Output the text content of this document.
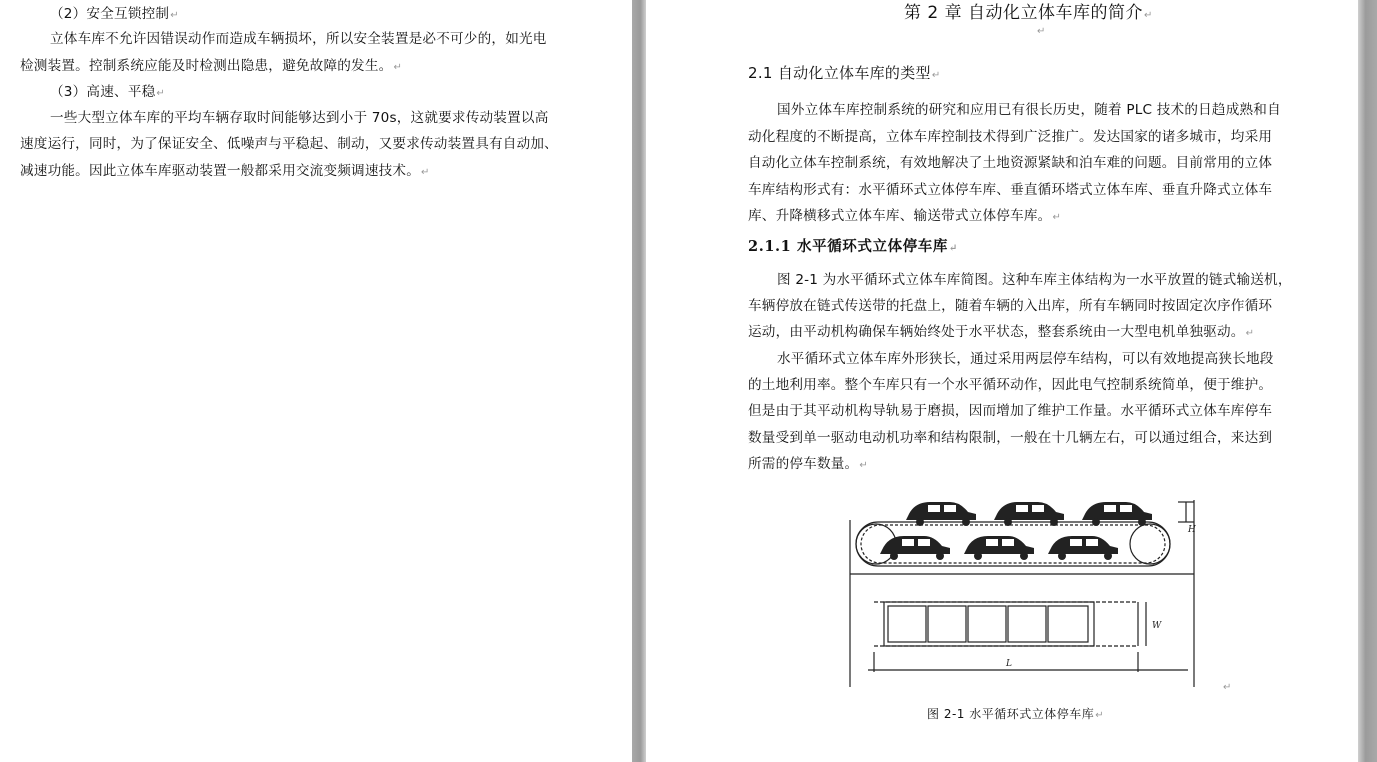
（2）安全互锁控制↵
立体车库不允许因错误动作而造成车辆损坏，所以安全装置是必不可少的，如光电
检测装置。控制系统应能及时检测出隐患，避免故障的发生。↵
（3）高速、平稳↵
一些大型立体车库的平均车辆存取时间能够达到小于 70s，这就要求传动装置以高
速度运行，同时，为了保证安全、低噪声与平稳起、制动，又要求传动装置具有自动加、
减速功能。因此立体车库驱动装置一般都采用交流变频调速技术。↵
第 2 章 自动化立体车库的简介↵
↵
2.1 自动化立体车库的类型↵
国外立体车库控制系统的研究和应用已有很长历史，随着 PLC 技术的日趋成熟和自
动化程度的不断提高，立体车库控制技术得到广泛推广。发达国家的诸多城市，均采用
自动化立体车控制系统，有效地解决了土地资源紧缺和泊车难的问题。目前常用的立体
车库结构形式有：水平循环式立体停车库、垂直循环塔式立体车库、垂直升降式立体车
库、升降横移式立体车库、输送带式立体停车库。↵
2.1.1 水平循环式立体停车库↵
图 2-1 为水平循环式立体车库简图。这种车库主体结构为一水平放置的链式输送机，
车辆停放在链式传送带的托盘上，随着车辆的入出库，所有车辆同时按固定次序作循环
运动，由平动机构确保车辆始终处于水平状态，整套系统由一大型电机单独驱动。↵
水平循环式立体车库外形狭长，通过采用两层停车结构，可以有效地提高狭长地段
的土地利用率。整个车库只有一个水平循环动作，因此电气控制系统简单，便于维护。
但是由于其平动机构导轨易于磨损，因而增加了维护工作量。水平循环式立体车库停车
数量受到单一驱动电动机功率和结构限制，一般在十几辆左右，可以通过组合，来达到
所需的停车数量。↵
H
W
L
↵
图 2-1 水平循环式立体停车库↵
